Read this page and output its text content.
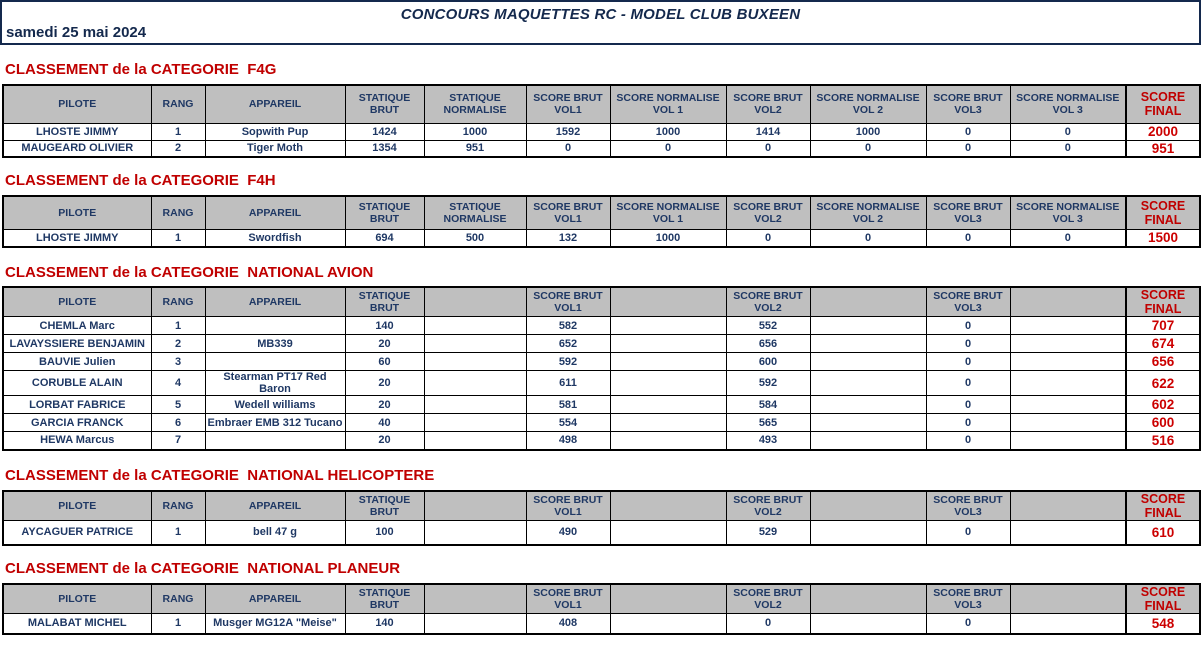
CONCOURS MAQUETTES RC - MODEL CLUB BUXEEN
samedi 25 mai 2024
CLASSEMENT de la CATEGORIE  F4G
PILOTE	RANG	APPAREIL	STATIQUE BRUT	STATIQUE NORMALISE	SCORE BRUT VOL1	SCORE NORMALISE VOL 1	SCORE BRUT VOL2	SCORE NORMALISE VOL 2	SCORE BRUT VOL3	SCORE NORMALISE VOL 3	SCORE FINAL
LHOSTE JIMMY	1	Sopwith Pup	1424	1000	1592	1000	1414	1000	0	0	2000
MAUGEARD OLIVIER	2	Tiger Moth	1354	951	0	0	0	0	0	0	951
CLASSEMENT de la CATEGORIE  F4H
PILOTE	RANG	APPAREIL	STATIQUE BRUT	STATIQUE NORMALISE	SCORE BRUT VOL1	SCORE NORMALISE VOL 1	SCORE BRUT VOL2	SCORE NORMALISE VOL 2	SCORE BRUT VOL3	SCORE NORMALISE VOL 3	SCORE FINAL
LHOSTE JIMMY	1	Swordfish	694	500	132	1000	0	0	0	0	1500
CLASSEMENT de la CATEGORIE  NATIONAL AVION
PILOTE	RANG	APPAREIL	STATIQUE BRUT		SCORE BRUT VOL1		SCORE BRUT VOL2		SCORE BRUT VOL3		SCORE FINAL
CHEMLA Marc	1		140		582		552		0		707
LAVAYSSIERE BENJAMIN	2	MB339	20		652		656		0		674
BAUVIE Julien	3		60		592		600		0		656
CORUBLE ALAIN	4	Stearman PT17 Red Baron	20		611		592		0		622
LORBAT FABRICE	5	Wedell williams	20		581		584		0		602
GARCIA FRANCK	6	Embraer EMB 312 Tucano	40		554		565		0		600
HEWA Marcus	7		20		498		493		0		516
CLASSEMENT de la CATEGORIE  NATIONAL HELICOPTERE
PILOTE	RANG	APPAREIL	STATIQUE BRUT		SCORE BRUT VOL1		SCORE BRUT VOL2		SCORE BRUT VOL3		SCORE FINAL
AYCAGUER PATRICE	1	bell 47 g	100		490		529		0		610
CLASSEMENT de la CATEGORIE  NATIONAL PLANEUR
PILOTE	RANG	APPAREIL	STATIQUE BRUT		SCORE BRUT VOL1		SCORE BRUT VOL2		SCORE BRUT VOL3		SCORE FINAL
MALABAT MICHEL	1	Musger MG12A "Meise"	140		408		0		0		548
